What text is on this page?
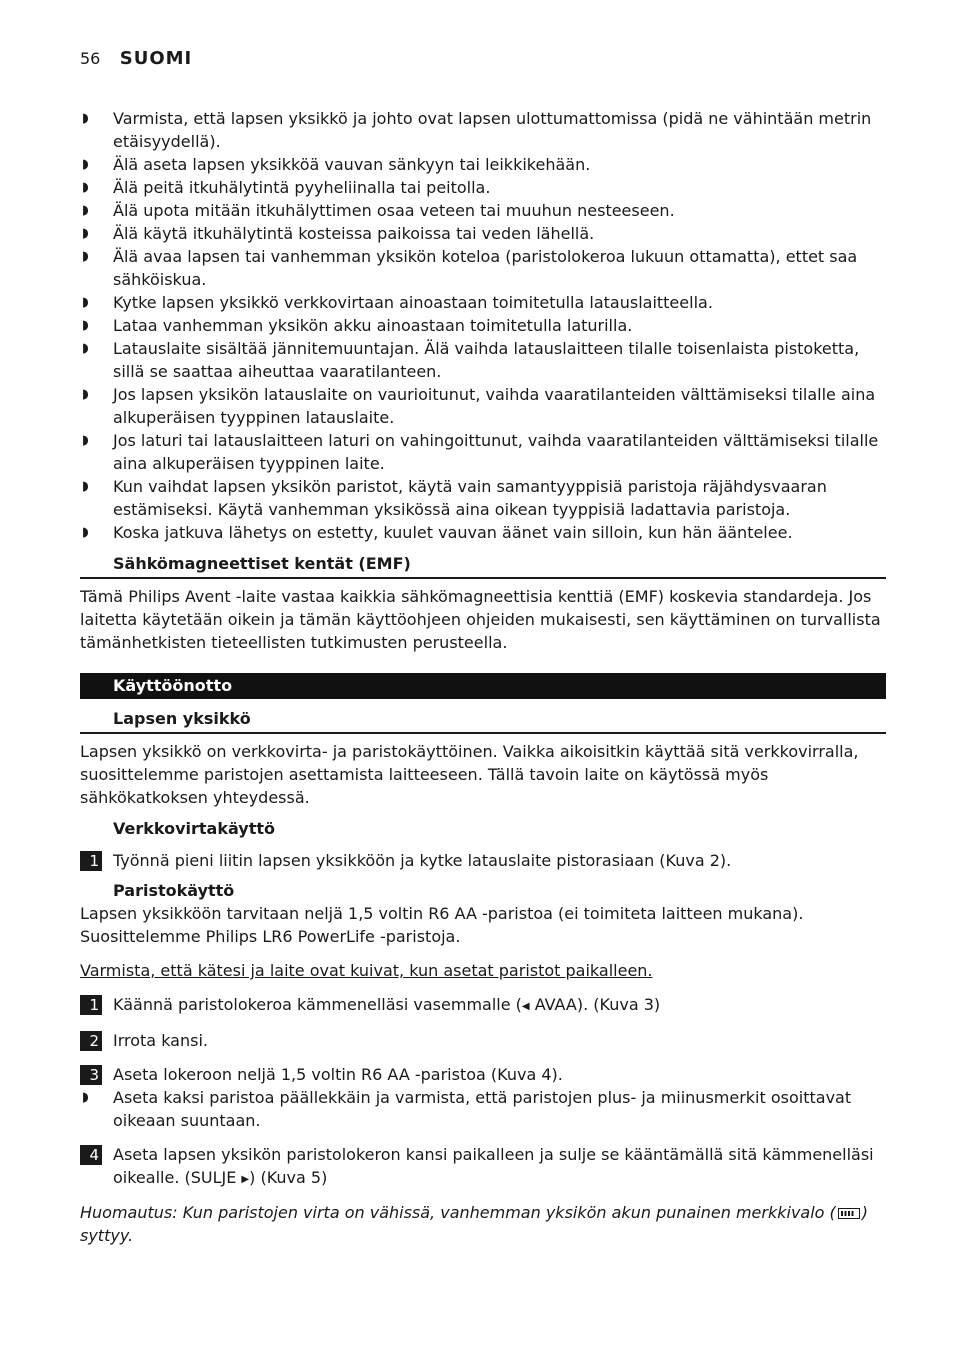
56 SUOMI
◗
Varmista, että lapsen yksikkö ja johto ovat lapsen ulottumattomissa (pidä ne vähintään metrin etäisyydellä).
◗
Älä aseta lapsen yksikköä vauvan sänkyyn tai leikkikehään.
◗
Älä peitä itkuhälytintä pyyheliinalla tai peitolla.
◗
Älä upota mitään itkuhälyttimen osaa veteen tai muuhun nesteeseen.
◗
Älä käytä itkuhälytintä kosteissa paikoissa tai veden lähellä.
◗
Älä avaa lapsen tai vanhemman yksikön koteloa (paristolokeroa lukuun ottamatta), ettet saa sähköiskua.
◗
Kytke lapsen yksikkö verkkovirtaan ainoastaan toimitetulla latauslaitteella.
◗
Lataa vanhemman yksikön akku ainoastaan toimitetulla laturilla.
◗
Latauslaite sisältää jännitemuuntajan. Älä vaihda latauslaitteen tilalle toisenlaista pistoketta, sillä se saattaa aiheuttaa vaaratilanteen.
◗
Jos lapsen yksikön latauslaite on vaurioitunut, vaihda vaaratilanteiden välttämiseksi tilalle aina alkuperäisen tyyppinen latauslaite.
◗
Jos laturi tai latauslaitteen laturi on vahingoittunut, vaihda vaaratilanteiden välttämiseksi tilalle aina alkuperäisen tyyppinen laite.
◗
Kun vaihdat lapsen yksikön paristot, käytä vain samantyyppisiä paristoja räjähdysvaaran estämiseksi. Käytä vanhemman yksikössä aina oikean tyyppisiä ladattavia paristoja.
◗
Koska jatkuva lähetys on estetty, kuulet vauvan äänet vain silloin, kun hän ääntelee.
Sähkömagneettiset kentät (EMF)
Tämä Philips Avent -laite vastaa kaikkia sähkömagneettisia kenttiä (EMF) koskevia standardeja. Jos laitetta käytetään oikein ja tämän käyttöohjeen ohjeiden mukaisesti, sen käyttäminen on turvallista tämänhetkisten tieteellisten tutkimusten perusteella.
Käyttöönotto
Lapsen yksikkö
Lapsen yksikkö on verkkovirta- ja paristokäyttöinen. Vaikka aikoisitkin käyttää sitä verkkovirralla, suosittelemme paristojen asettamista laitteeseen. Tällä tavoin laite on käytössä myös sähkökatkoksen yhteydessä.
Verkkovirtakäyttö
1 Työnnä pieni liitin lapsen yksikköön ja kytke latauslaite pistorasiaan (Kuva 2).
Paristokäyttö
Lapsen yksikköön tarvitaan neljä 1,5 voltin R6 AA -paristoa (ei toimiteta laitteen mukana). Suosittelemme Philips LR6 PowerLife -paristoja.
Varmista, että kätesi ja laite ovat kuivat, kun asetat paristot paikalleen.
1 Käännä paristolokeroa kämmenelläsi vasemmalle (◀ AVAA). (Kuva 3)
2 Irrota kansi.
3 Aseta lokeroon neljä 1,5 voltin R6 AA -paristoa (Kuva 4).
◗
Aseta kaksi paristoa päällekkäin ja varmista, että paristojen plus- ja miinusmerkit osoittavat oikeaan suuntaan.
4 Aseta lapsen yksikön paristolokeron kansi paikalleen ja sulje se kääntämällä sitä kämmenelläsi oikealle. (SULJE ▶) (Kuva 5)
Huomautus: Kun paristojen virta on vähissä, vanhemman yksikön akun punainen merkkivalo ( ) syttyy.
